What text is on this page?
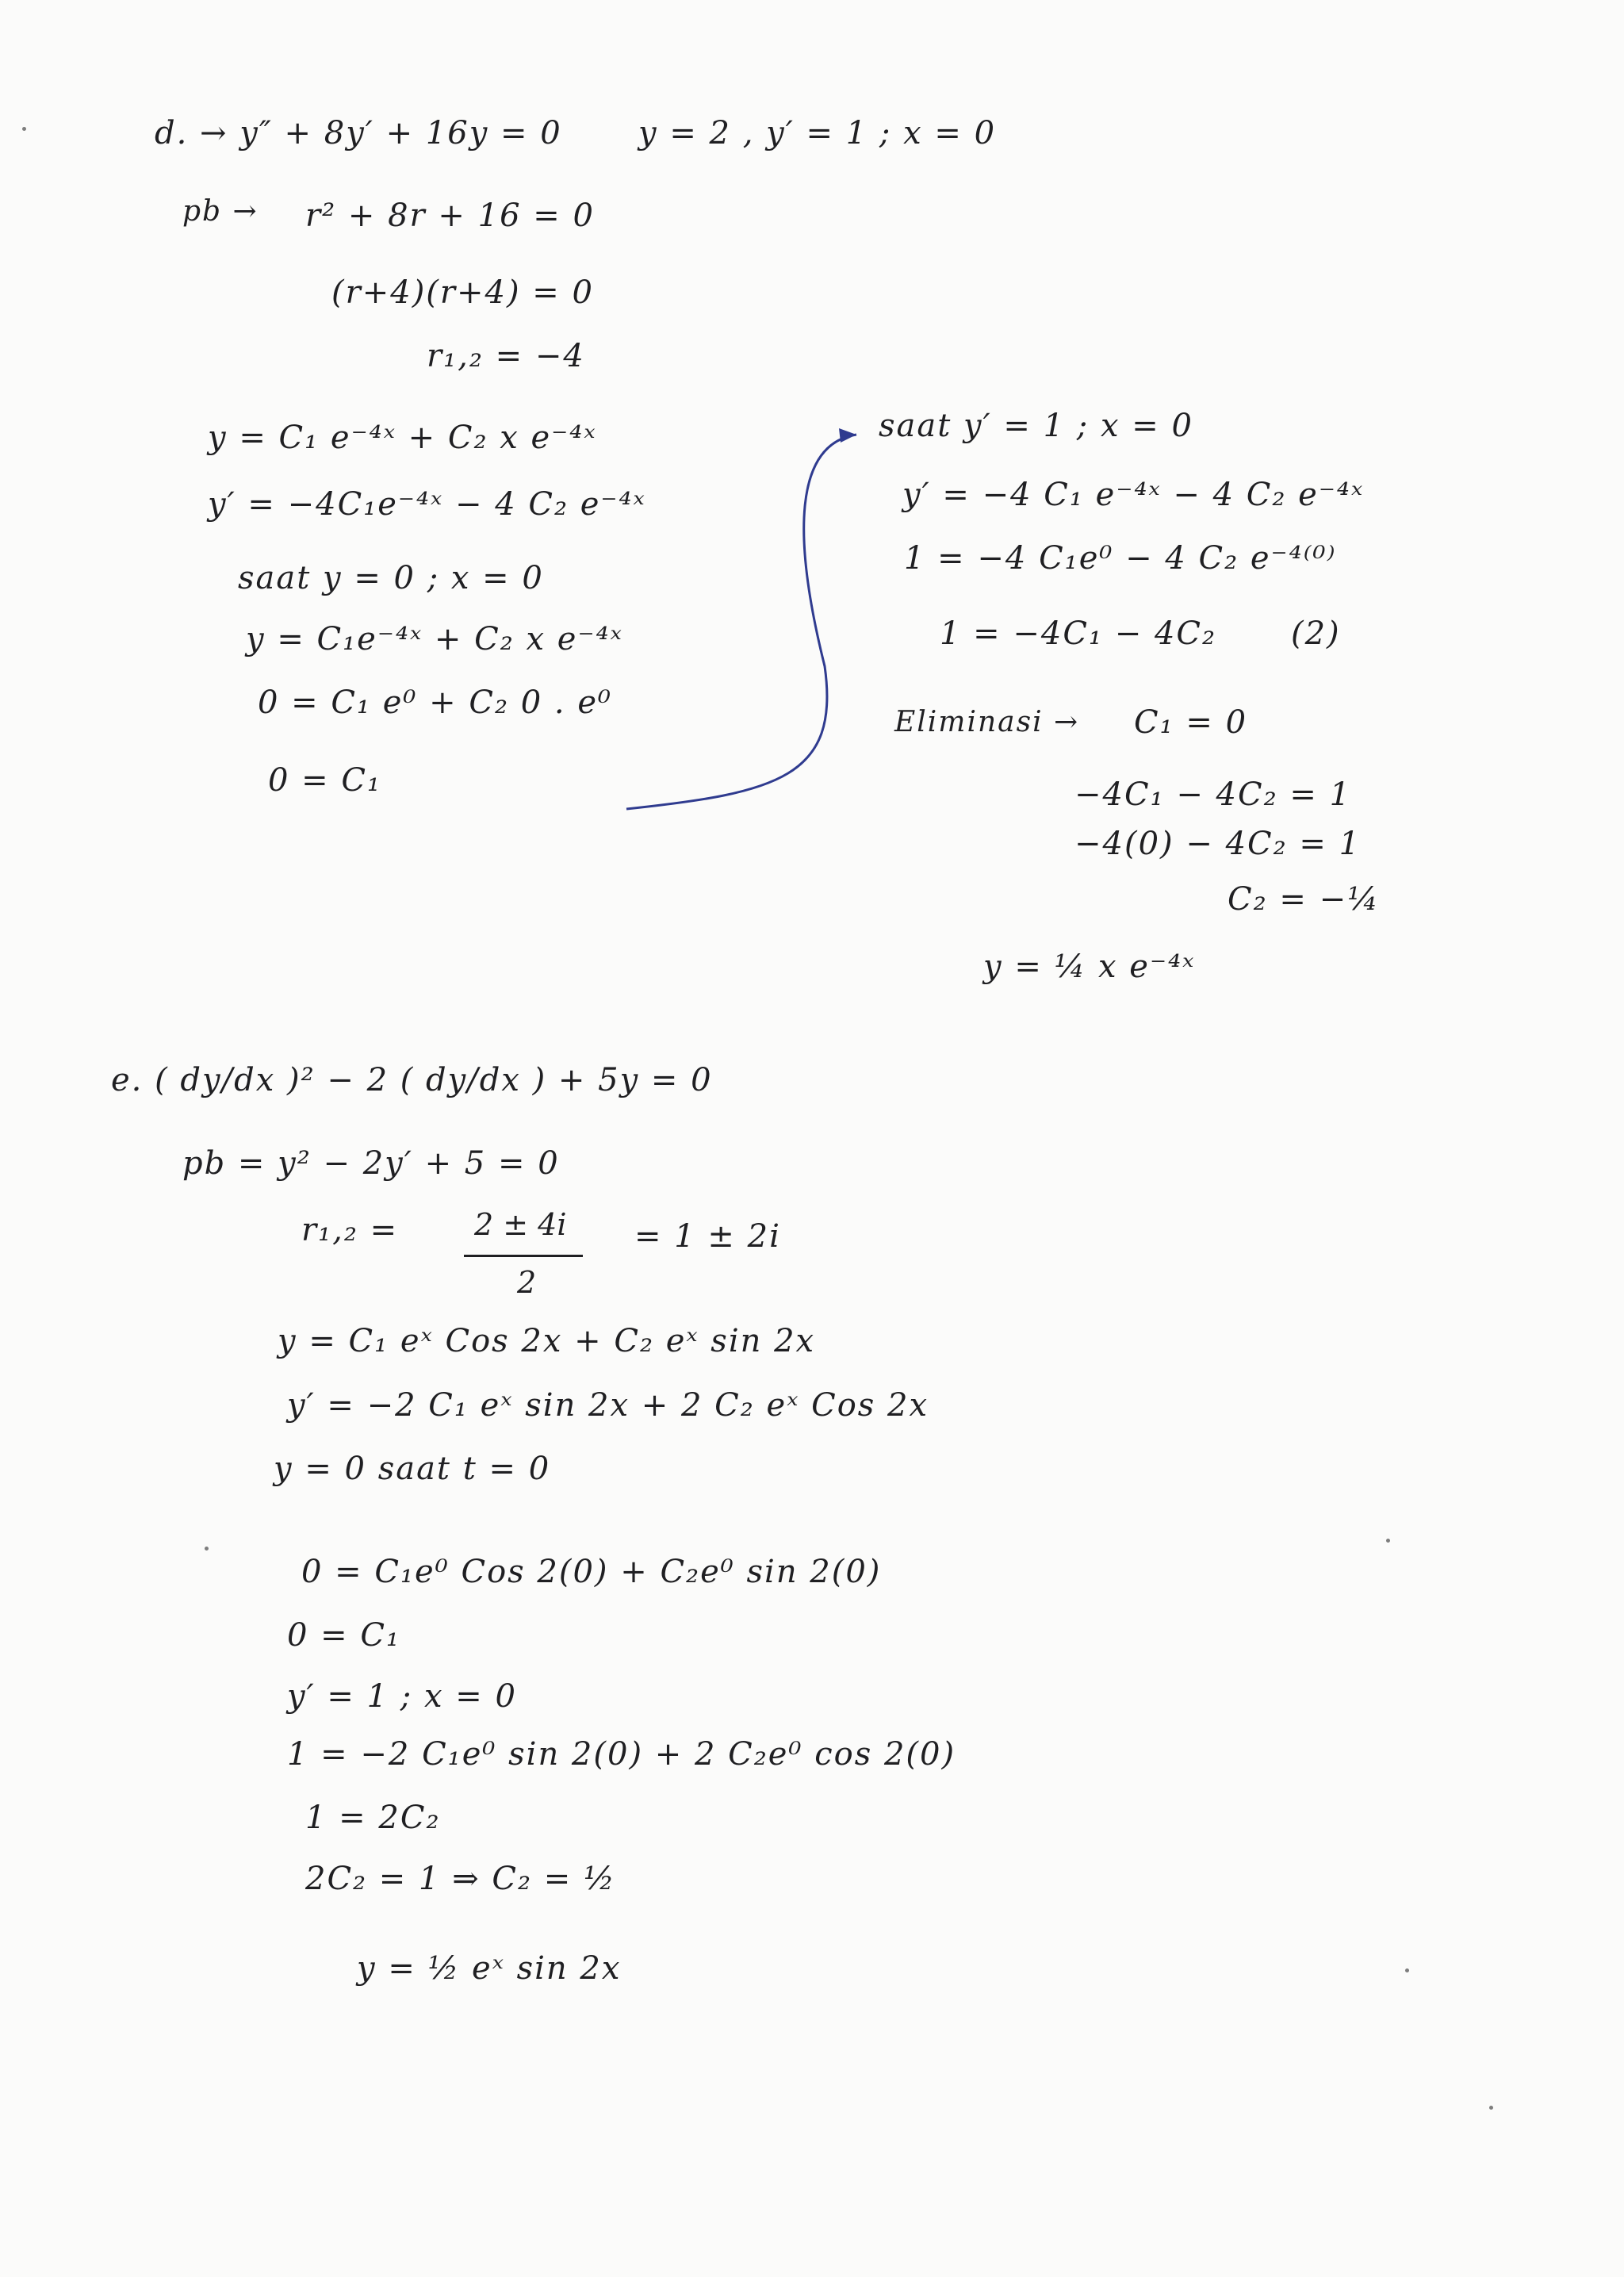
d. → y″ + 8y′ + 16y = 0 y = 2 , y′ = 1 ; x = 0
pb → r² + 8r + 16 = 0
(r+4)(r+4) = 0
r₁,₂ = −4
y = C₁ e⁻⁴ˣ + C₂ x e⁻⁴ˣ
y′ = −4C₁e⁻⁴ˣ − 4 C₂ e⁻⁴ˣ
saat y = 0 ; x = 0
y = C₁e⁻⁴ˣ + C₂ x e⁻⁴ˣ
0 = C₁ e⁰ + C₂ 0 . e⁰
0 = C₁
saat y′ = 1 ; x = 0
y′ = −4 C₁ e⁻⁴ˣ − 4 C₂ e⁻⁴ˣ
1 = −4 C₁e⁰ − 4 C₂ e⁻⁴⁽⁰⁾
1 = −4C₁ − 4C₂ (2)
Eliminasi → C₁ = 0
−4C₁ − 4C₂ = 1
−4(0) − 4C₂ = 1
C₂ = −¼
y = ¼ x e⁻⁴ˣ
e. ( dy/dx )² − 2 ( dy/dx ) + 5y = 0
pb = y² − 2y′ + 5 = 0
r₁,₂ =	2 ± 4i
2
= 1 ± 2i
y = C₁ eˣ Cos 2x + C₂ eˣ sin 2x
y′ = −2 C₁ eˣ sin 2x + 2 C₂ eˣ Cos 2x
y = 0 saat t = 0
0 = C₁e⁰ Cos 2(0) + C₂e⁰ sin 2(0)
0 = C₁
y′ = 1 ; x = 0
1 = −2 C₁e⁰ sin 2(0) + 2 C₂e⁰ cos 2(0)
1 = 2C₂
2C₂ = 1 ⇒ C₂ = ½
y = ½ eˣ sin 2x
